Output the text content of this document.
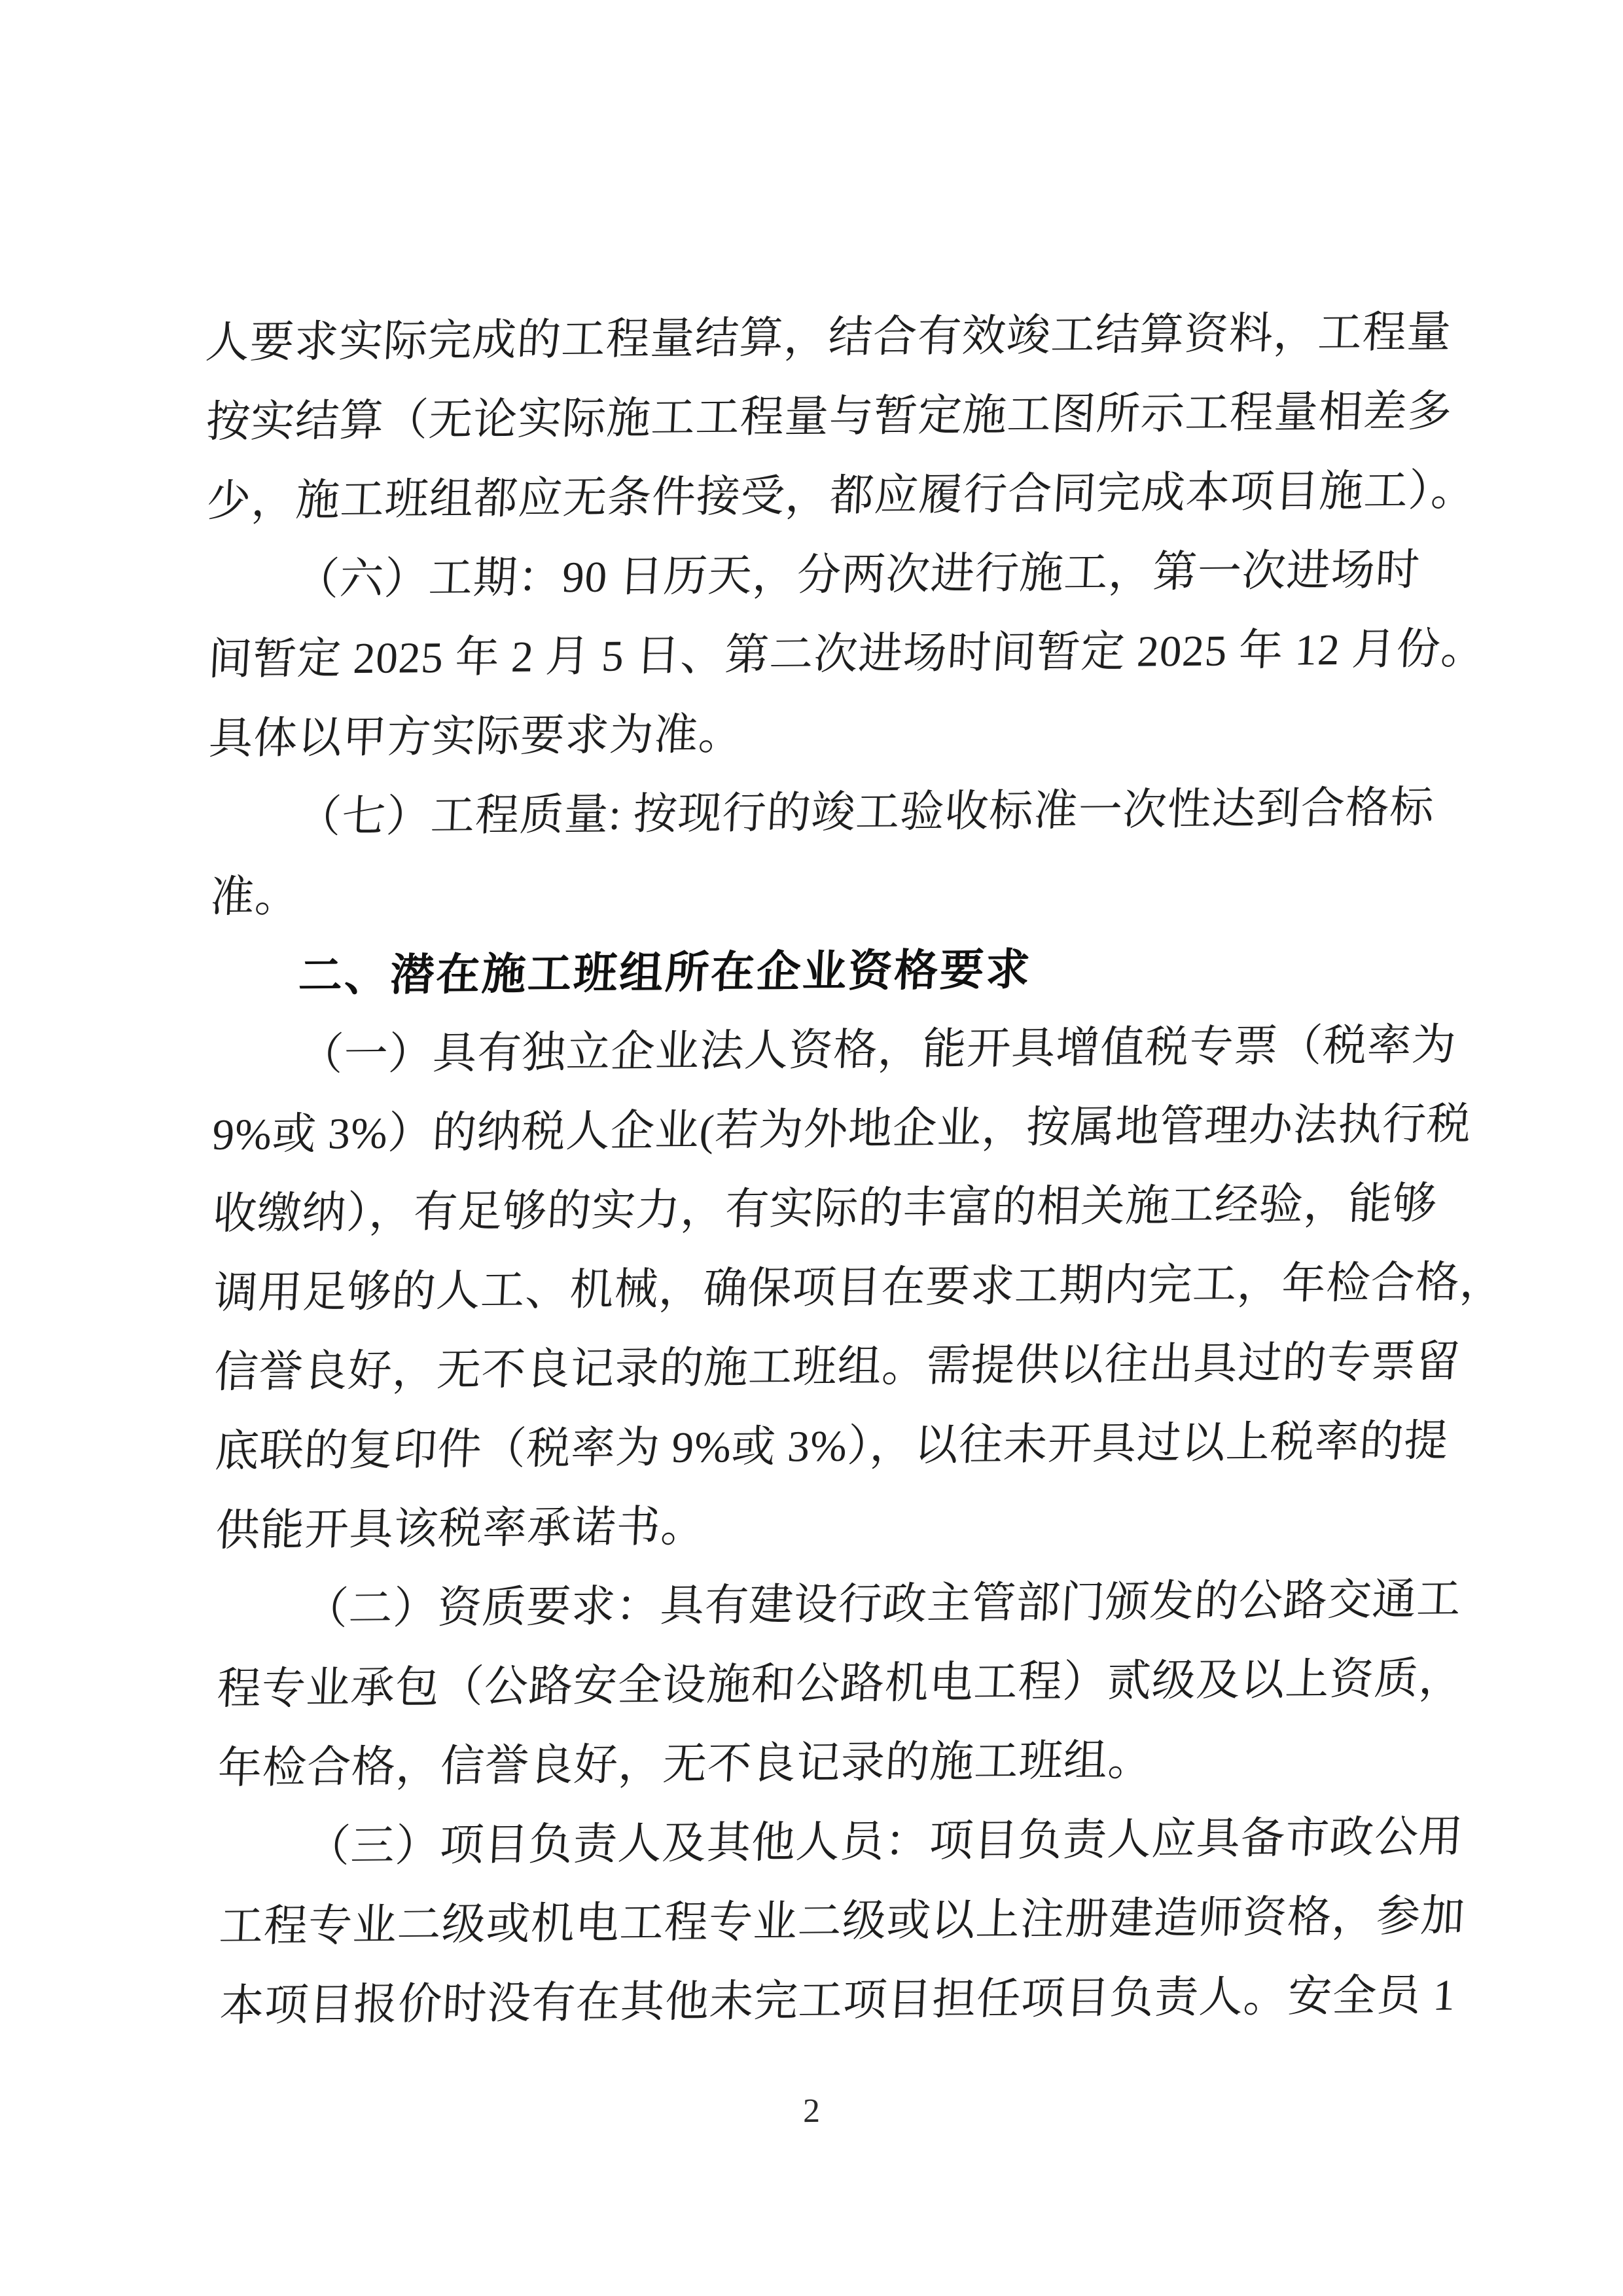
人要求实际完成的工程量结算，结合有效竣工结算资料，工程量
按实结算（无论实际施工工程量与暂定施工图所示工程量相差多
少，施工班组都应无条件接受，都应履行合同完成本项目施工）。
（六）工期：90 日历天，分两次进行施工，第一次进场时
间暂定 2025 年 2 月 5 日、第二次进场时间暂定 2025 年 12 月份。
具体以甲方实际要求为准。
（七）工程质量: 按现行的竣工验收标准一次性达到合格标
准。
二、潜在施工班组所在企业资格要求
（一）具有独立企业法人资格，能开具增值税专票（税率为
9%或 3%）的纳税人企业(若为外地企业，按属地管理办法执行税
收缴纳），有足够的实力，有实际的丰富的相关施工经验，能够
调用足够的人工、机械，确保项目在要求工期内完工，年检合格，
信誉良好，无不良记录的施工班组。需提供以往出具过的专票留
底联的复印件（税率为 9%或 3%），以往未开具过以上税率的提
供能开具该税率承诺书。
（二）资质要求：具有建设行政主管部门颁发的公路交通工
程专业承包（公路安全设施和公路机电工程）贰级及以上资质，
年检合格，信誉良好，无不良记录的施工班组。
（三）项目负责人及其他人员：项目负责人应具备市政公用
工程专业二级或机电工程专业二级或以上注册建造师资格，参加
本项目报价时没有在其他未完工项目担任项目负责人。安全员 1
2
